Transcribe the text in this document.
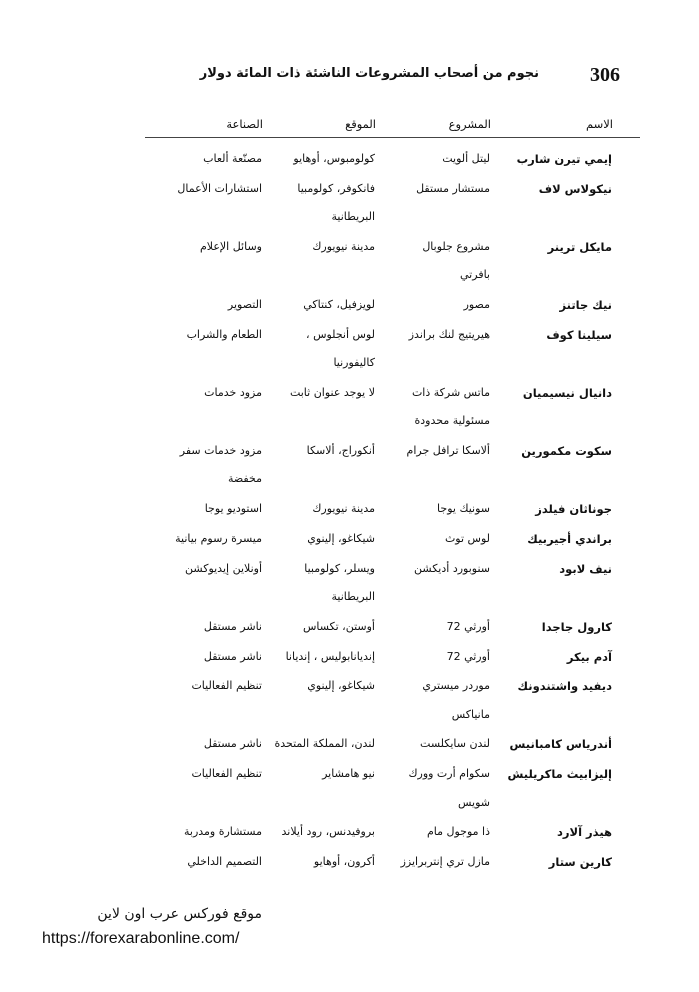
306
نجوم من أصحاب المشروعات الناشئة ذات المائة دولار
الاسم
المشروع
الموقع
الصناعة
إيمي تيرن شارب
ليتل ألويت
كولومبوس، أوهايو
مصنّعة ألعاب
نيكولاس لاف
مستشار مستقل
فانكوفر، كولومبيا
البريطانية
استشارات الأعمال
مايكل ترينر
مشروع جلوبال
بافرتي
مدينة نيويورك
وسائل الإعلام
نيك جاتنز
مصور
لويزفيل، كنتاكي
التصوير
سيلينا كوف
هيريتيج لنك براندز
لوس أنجلوس ،
كاليفورنيا
الطعام والشراب
دانيال نيسيميان
ماتس شركة ذات
مسئولية محدودة
لا يوجد عنوان ثابت
مزود خدمات
سكوت مكمورين
ألاسكا ترافل جرام
أنكوراج، ألاسكا
مزود خدمات سفر
مخفضة
جوناثان فيلدز
سونيك يوجا
مدينة نيويورك
استوديو يوجا
براندي أجيربيك
لوس توث
شيكاغو، إلينوي
ميسرة رسوم بيانية
نيف لابود
سنوبورد أديكشن
ويسلر، كولومبيا
البريطانية
أونلاين إيديوكشن
كارول جاجدا
أورثي 72
أوستن، تكساس
ناشر مستقل
آدم بيكر
أورثي 72
إنديانابوليس ، إنديانا
ناشر مستقل
ديفيد واشتندونك
موردر ميستري
مانياكس
شيكاغو، إلينوي
تنظيم الفعاليات
أندرياس كامبانيس
لندن سايكلست
لندن، المملكة المتحدة
ناشر مستقل
إليزابيث ماكريليش
سكوام أرت وورك
شويس
نيو هامشاير
تنظيم الفعاليات
هيذر آلارد
ذا موجول مام
بروفيدنس، رود أيلاند
مستشارة ومدربة
كارين ستار
مازل تري إنتربرايزز
أكرون، أوهايو
التصميم الداخلي
موقع فوركس عرب اون لاين
https://forexarabonline.com/
